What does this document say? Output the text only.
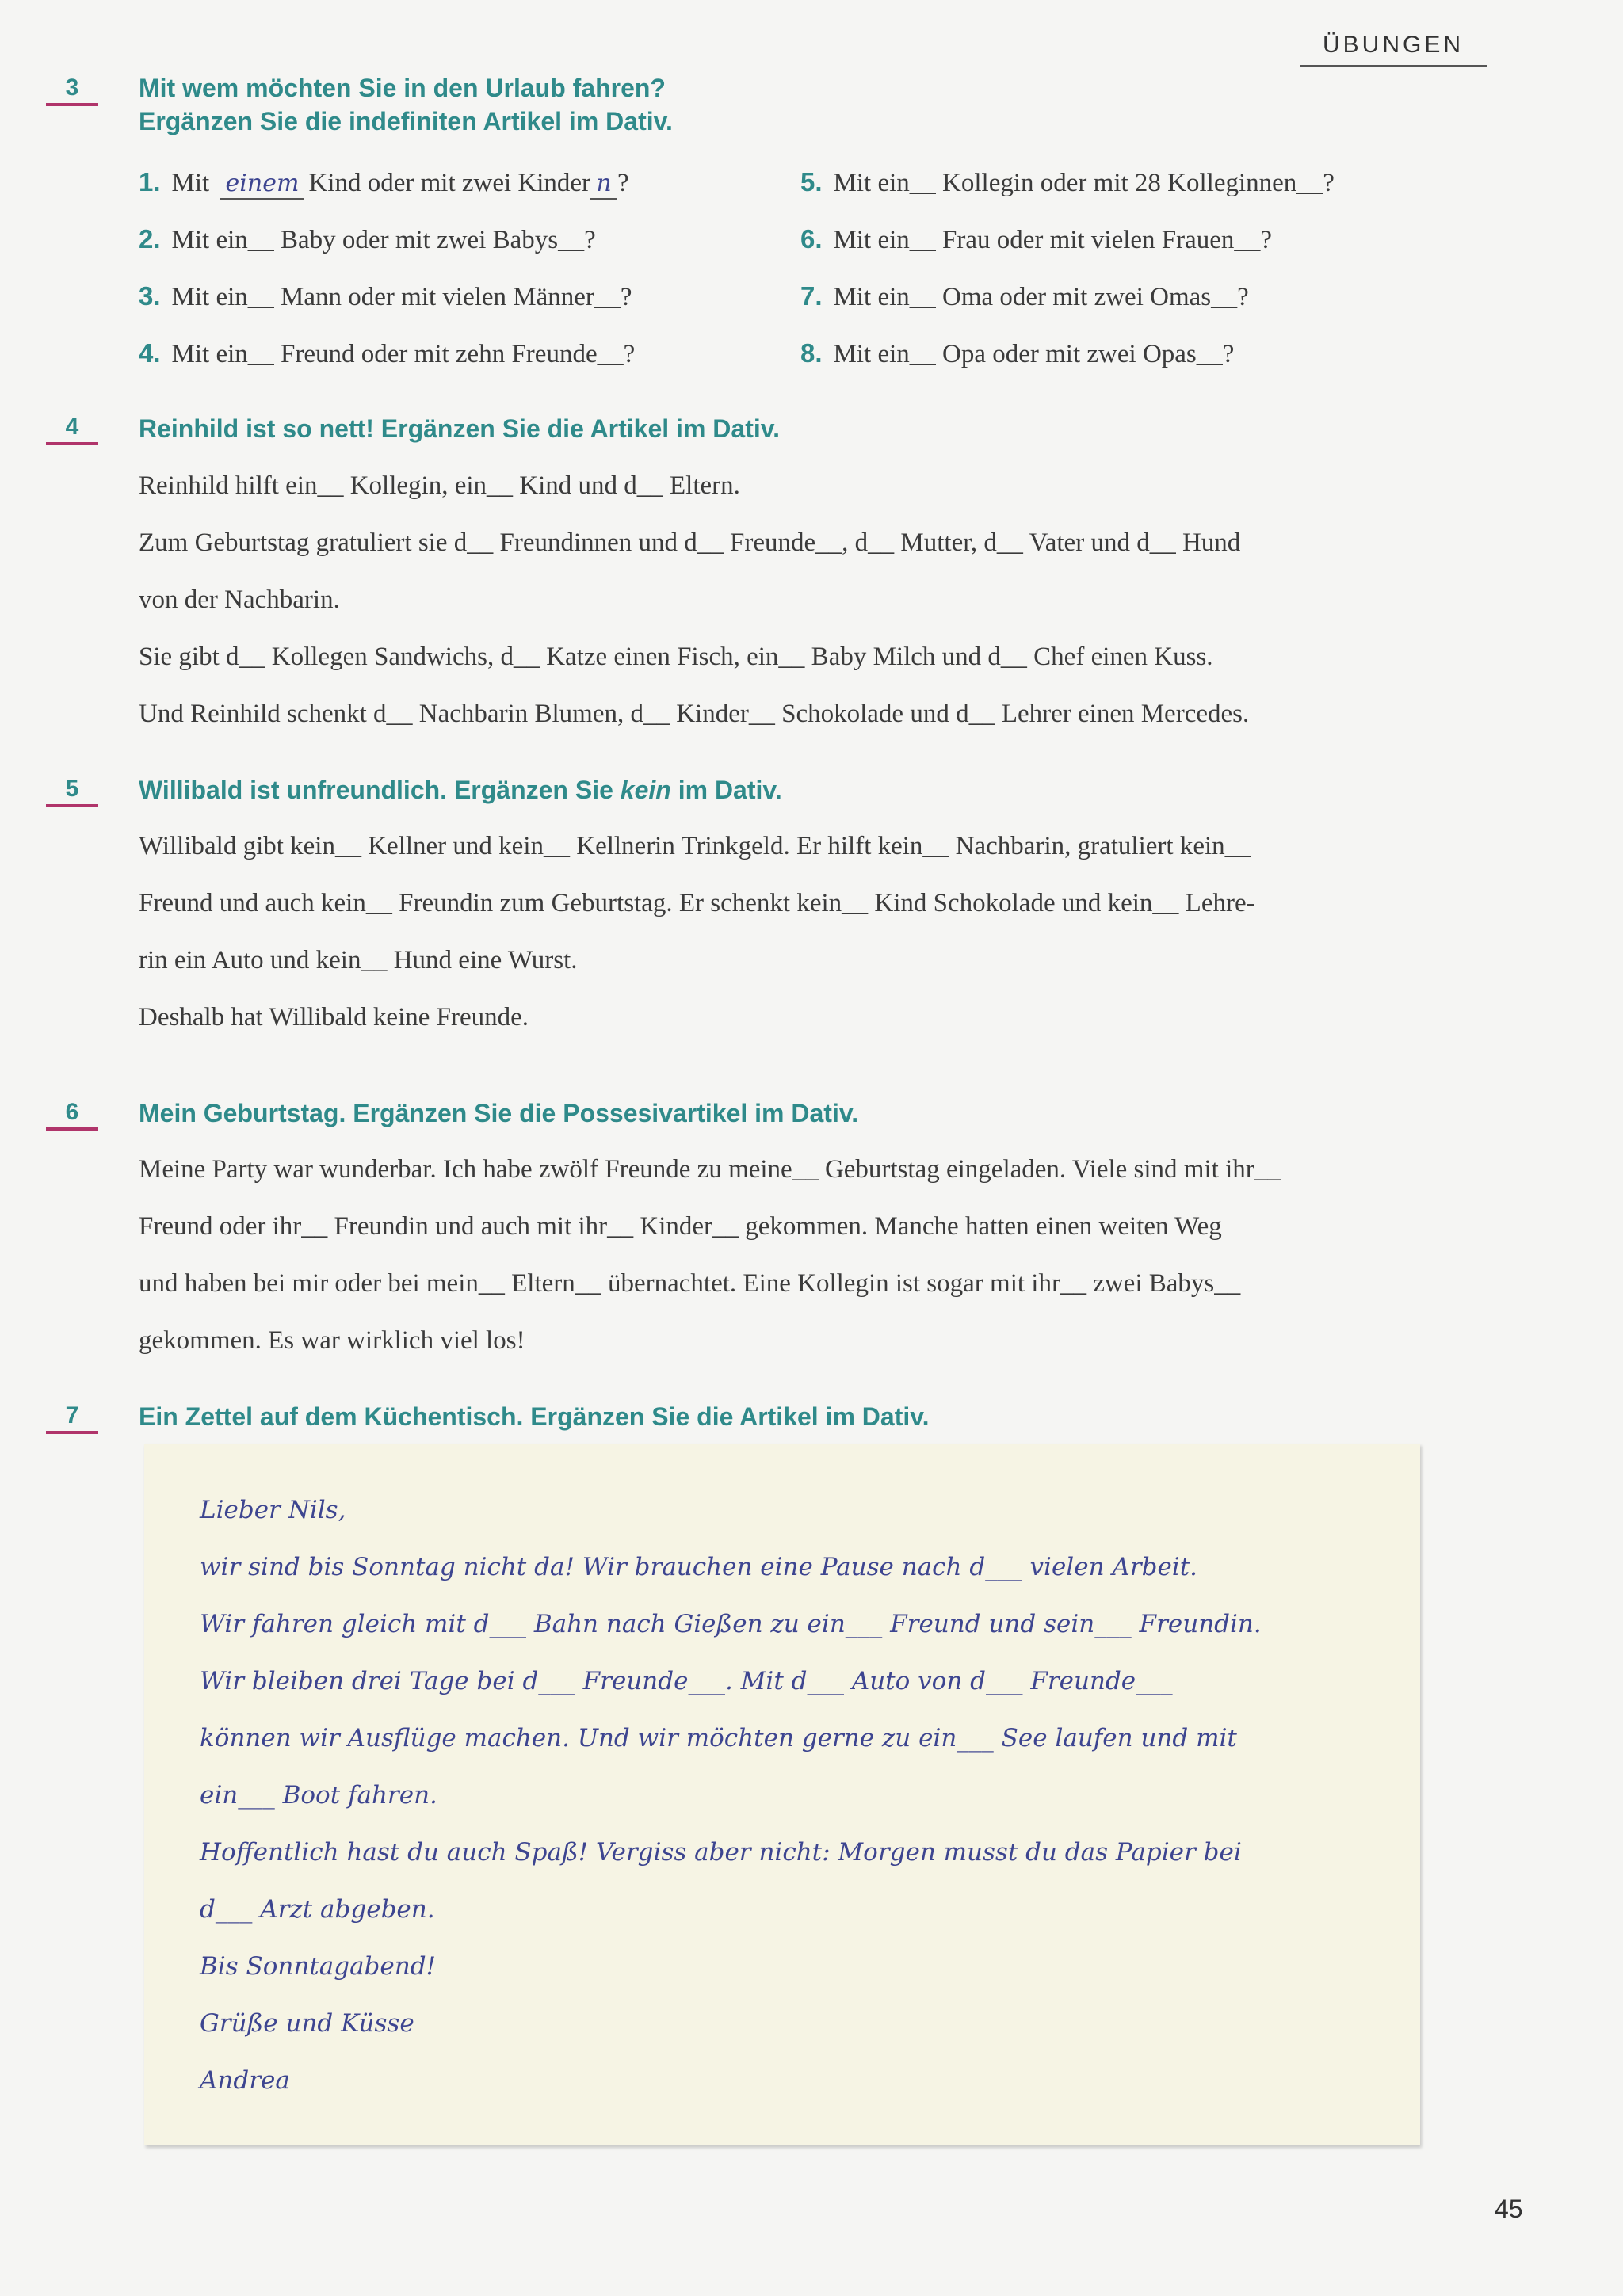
ÜBUNGEN
3	Mit wem möchten Sie in den Urlaub fahren?
Ergänzen Sie die indefiniten Artikel im Dativ.
1. Mit einem Kind oder mit zwei Kinder n ?
2. Mit ein__ Baby oder mit zwei Babys__?
3. Mit ein__ Mann oder mit vielen Männer__?
4. Mit ein__ Freund oder mit zehn Freunde__?
5. Mit ein__ Kollegin oder mit 28 Kolleginnen__?
6. Mit ein__ Frau oder mit vielen Frauen__?
7. Mit ein__ Oma oder mit zwei Omas__?
8. Mit ein__ Opa oder mit zwei Opas__?
4	Reinhild ist so nett! Ergänzen Sie die Artikel im Dativ.
Reinhild hilft ein__ Kollegin, ein__ Kind und d__ Eltern.
Zum Geburtstag gratuliert sie d__ Freundinnen und d__ Freunde__, d__ Mutter, d__ Vater und d__ Hund
von der Nachbarin.
Sie gibt d__ Kollegen Sandwichs, d__ Katze einen Fisch, ein__ Baby Milch und d__ Chef einen Kuss.
Und Reinhild schenkt d__ Nachbarin Blumen, d__ Kinder__ Schokolade und d__ Lehrer einen Mercedes.
5	Willibald ist unfreundlich. Ergänzen Sie kein im Dativ.
Willibald gibt kein__ Kellner und kein__ Kellnerin Trinkgeld. Er hilft kein__ Nachbarin, gratuliert kein__
Freund und auch kein__ Freundin zum Geburtstag. Er schenkt kein__ Kind Schokolade und kein__ Lehre-
rin ein Auto und kein__ Hund eine Wurst.
Deshalb hat Willibald keine Freunde.
6	Mein Geburtstag. Ergänzen Sie die Possesivartikel im Dativ.
Meine Party war wunderbar. Ich habe zwölf Freunde zu meine__ Geburtstag eingeladen. Viele sind mit ihr__
Freund oder ihr__ Freundin und auch mit ihr__ Kinder__ gekommen. Manche hatten einen weiten Weg
und haben bei mir oder bei mein__ Eltern__ übernachtet. Eine Kollegin ist sogar mit ihr__ zwei Babys__
gekommen. Es war wirklich viel los!
7	Ein Zettel auf dem Küchentisch. Ergänzen Sie die Artikel im Dativ.
Lieber Nils,
wir sind bis Sonntag nicht da! Wir brauchen eine Pause nach d___ vielen Arbeit.
Wir fahren gleich mit d___ Bahn nach Gießen zu ein___ Freund und sein___ Freundin.
Wir bleiben drei Tage bei d___ Freunde___. Mit d___ Auto von d___ Freunde___
können wir Ausflüge machen. Und wir möchten gerne zu ein___ See laufen und mit
ein___ Boot fahren.
Hoffentlich hast du auch Spaß! Vergiss aber nicht: Morgen musst du das Papier bei
d___ Arzt abgeben.
Bis Sonntagabend!
Grüße und Küsse
Andrea
45
